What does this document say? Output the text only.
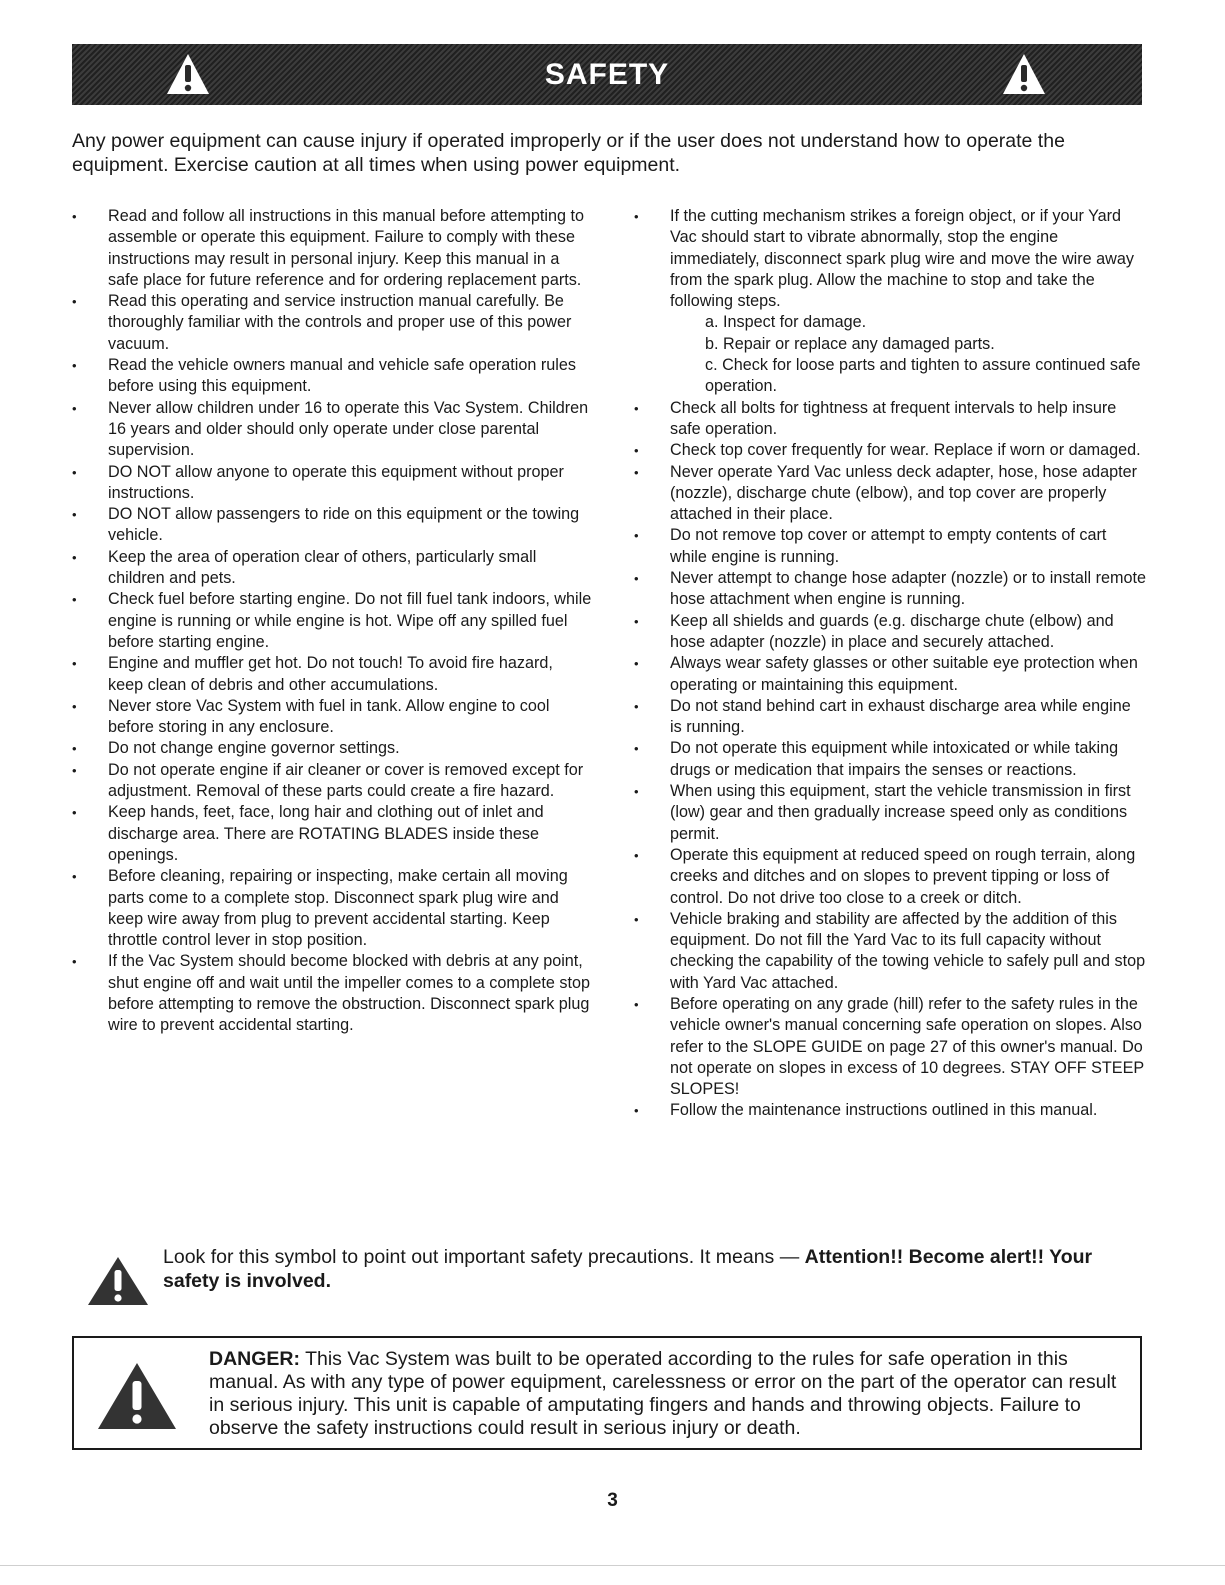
SAFETY

Any power equipment can cause injury if operated improperly or if the user does not understand how to operate the equipment. Exercise caution at all times when using power equipment.

• Read and follow all instructions in this manual before attempting to assemble or operate this equipment. Failure to comply with these instructions may result in personal injury. Keep this manual in a safe place for future reference and for ordering replacement parts.
• Read this operating and service instruction manual carefully. Be thoroughly familiar with the controls and proper use of this power vacuum.
• Read the vehicle owners manual and vehicle safe operation rules before using this equipment.
• Never allow children under 16 to operate this Vac System. Children 16 years and older should only operate under close parental supervision.
• DO NOT allow anyone to operate this equipment without proper instructions.
• DO NOT allow passengers to ride on this equipment or the towing vehicle.
• Keep the area of operation clear of others, particularly small children and pets.
• Check fuel before starting engine. Do not fill fuel tank indoors, while engine is running or while engine is hot. Wipe off any spilled fuel before starting engine.
• Engine and muffler get hot. Do not touch! To avoid fire hazard, keep clean of debris and other accumulations.
• Never store Vac System with fuel in tank. Allow engine to cool before storing in any enclosure.
• Do not change engine governor settings.
• Do not operate engine if air cleaner or cover is removed except for adjustment. Removal of these parts could create a fire hazard.
• Keep hands, feet, face, long hair and clothing out of inlet and discharge area. There are ROTATING BLADES inside these openings.
• Before cleaning, repairing or inspecting, make certain all moving parts come to a complete stop. Disconnect spark plug wire and keep wire away from plug to prevent accidental starting. Keep throttle control lever in stop position.
• If the Vac System should become blocked with debris at any point, shut engine off and wait until the impeller comes to a complete stop before attempting to remove the obstruction. Disconnect spark plug wire to prevent accidental starting.
• If the cutting mechanism strikes a foreign object, or if your Yard Vac should start to vibrate abnormally, stop the engine immediately, disconnect spark plug wire and move the wire away from the spark plug. Allow the machine to stop and take the following steps.
a. Inspect for damage.
b. Repair or replace any damaged parts.
c. Check for loose parts and tighten to assure continued safe operation.
• Check all bolts for tightness at frequent intervals to help insure safe operation.
• Check top cover frequently for wear. Replace if worn or damaged.
• Never operate Yard Vac unless deck adapter, hose, hose adapter (nozzle), discharge chute (elbow), and top cover are properly attached in their place.
• Do not remove top cover or attempt to empty contents of cart while engine is running.
• Never attempt to change hose adapter (nozzle) or to install remote hose attachment when engine is running.
• Keep all shields and guards (e.g. discharge chute (elbow) and hose adapter (nozzle) in place and securely attached.
• Always wear safety glasses or other suitable eye protection when operating or maintaining this equipment.
• Do not stand behind cart in exhaust discharge area while engine is running.
• Do not operate this equipment while intoxicated or while taking drugs or medication that impairs the senses or reactions.
• When using this equipment, start the vehicle transmission in first (low) gear and then gradually increase speed only as conditions permit.
• Operate this equipment at reduced speed on rough terrain, along creeks and ditches and on slopes to prevent tipping or loss of control. Do not drive too close to a creek or ditch.
• Vehicle braking and stability are affected by the addition of this equipment. Do not fill the Yard Vac to its full capacity without checking the capability of the towing vehicle to safely pull and stop with Yard Vac attached.
• Before operating on any grade (hill) refer to the safety rules in the vehicle owner's manual concerning safe operation on slopes. Also refer to the SLOPE GUIDE on page 27 of this owner's manual. Do not operate on slopes in excess of 10 degrees. STAY OFF STEEP SLOPES!
• Follow the maintenance instructions outlined in this manual.

Look for this symbol to point out important safety precautions. It means — Attention!! Become alert!! Your safety is involved.

DANGER: This Vac System was built to be operated according to the rules for safe operation in this manual. As with any type of power equipment, carelessness or error on the part of the operator can result in serious injury. This unit is capable of amputating fingers and hands and throwing objects. Failure to observe the safety instructions could result in serious injury or death.

3
